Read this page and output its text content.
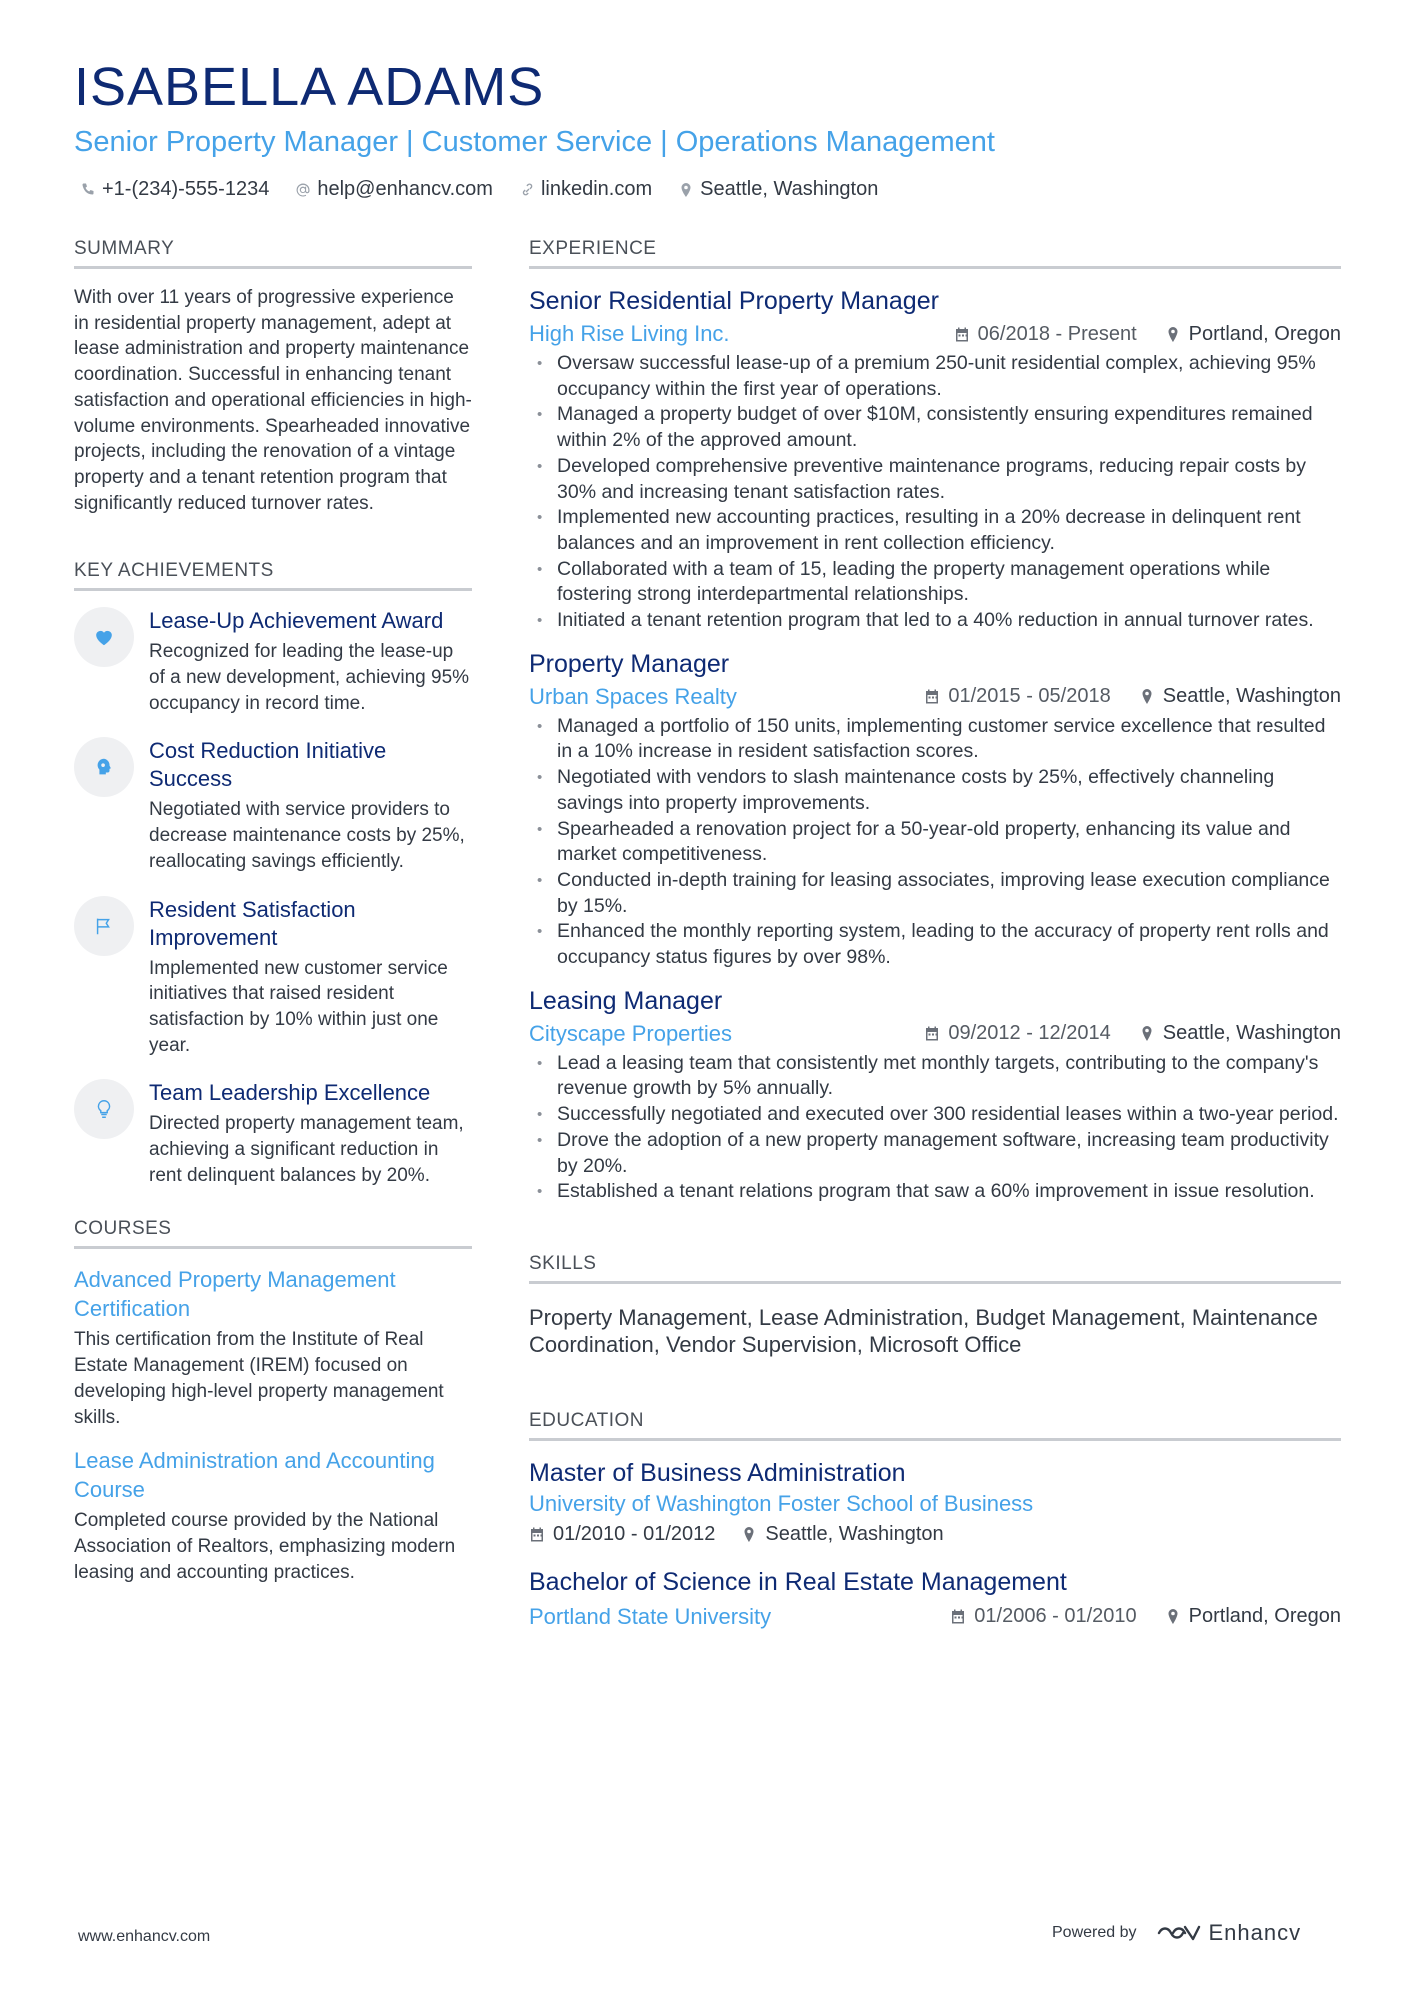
ISABELLA ADAMS
Senior Property Manager | Customer Service | Operations Management
+1-(234)-555-1234 help@enhancv.com linkedin.com Seattle, Washington
SUMMARY
With over 11 years of progressive experience in residential property management, adept at lease administration and property maintenance coordination. Successful in enhancing tenant satisfaction and operational efficiencies in high-volume environments. Spearheaded innovative projects, including the renovation of a vintage property and a tenant retention program that significantly reduced turnover rates.
KEY ACHIEVEMENTS
Lease-Up Achievement Award
Recognized for leading the lease-up of a new development, achieving 95% occupancy in record time.
Cost Reduction Initiative Success
Negotiated with service providers to decrease maintenance costs by 25%, reallocating savings efficiently.
Resident Satisfaction Improvement
Implemented new customer service initiatives that raised resident satisfaction by 10% within just one year.
Team Leadership Excellence
Directed property management team, achieving a significant reduction in rent delinquent balances by 20%.
COURSES
Advanced Property Management Certification
This certification from the Institute of Real Estate Management (IREM) focused on developing high-level property management skills.
Lease Administration and Accounting Course
Completed course provided by the National Association of Realtors, emphasizing modern leasing and accounting practices.
EXPERIENCE
Senior Residential Property Manager
High Rise Living Inc.	06/2018 - Present	Portland, Oregon
• Oversaw successful lease-up of a premium 250-unit residential complex, achieving 95% occupancy within the first year of operations.
• Managed a property budget of over $10M, consistently ensuring expenditures remained within 2% of the approved amount.
• Developed comprehensive preventive maintenance programs, reducing repair costs by 30% and increasing tenant satisfaction rates.
• Implemented new accounting practices, resulting in a 20% decrease in delinquent rent balances and an improvement in rent collection efficiency.
• Collaborated with a team of 15, leading the property management operations while fostering strong interdepartmental relationships.
• Initiated a tenant retention program that led to a 40% reduction in annual turnover rates.
Property Manager
Urban Spaces Realty	01/2015 - 05/2018	Seattle, Washington
• Managed a portfolio of 150 units, implementing customer service excellence that resulted in a 10% increase in resident satisfaction scores.
• Negotiated with vendors to slash maintenance costs by 25%, effectively channeling savings into property improvements.
• Spearheaded a renovation project for a 50-year-old property, enhancing its value and market competitiveness.
• Conducted in-depth training for leasing associates, improving lease execution compliance by 15%.
• Enhanced the monthly reporting system, leading to the accuracy of property rent rolls and occupancy status figures by over 98%.
Leasing Manager
Cityscape Properties	09/2012 - 12/2014	Seattle, Washington
• Lead a leasing team that consistently met monthly targets, contributing to the company's revenue growth by 5% annually.
• Successfully negotiated and executed over 300 residential leases within a two-year period.
• Drove the adoption of a new property management software, increasing team productivity by 20%.
• Established a tenant relations program that saw a 60% improvement in issue resolution.
SKILLS
Property Management, Lease Administration, Budget Management, Maintenance Coordination, Vendor Supervision, Microsoft Office
EDUCATION
Master of Business Administration
University of Washington Foster School of Business
01/2010 - 01/2012	Seattle, Washington
Bachelor of Science in Real Estate Management
Portland State University	01/2006 - 01/2010	Portland, Oregon
www.enhancv.com	Powered by	Enhancv
